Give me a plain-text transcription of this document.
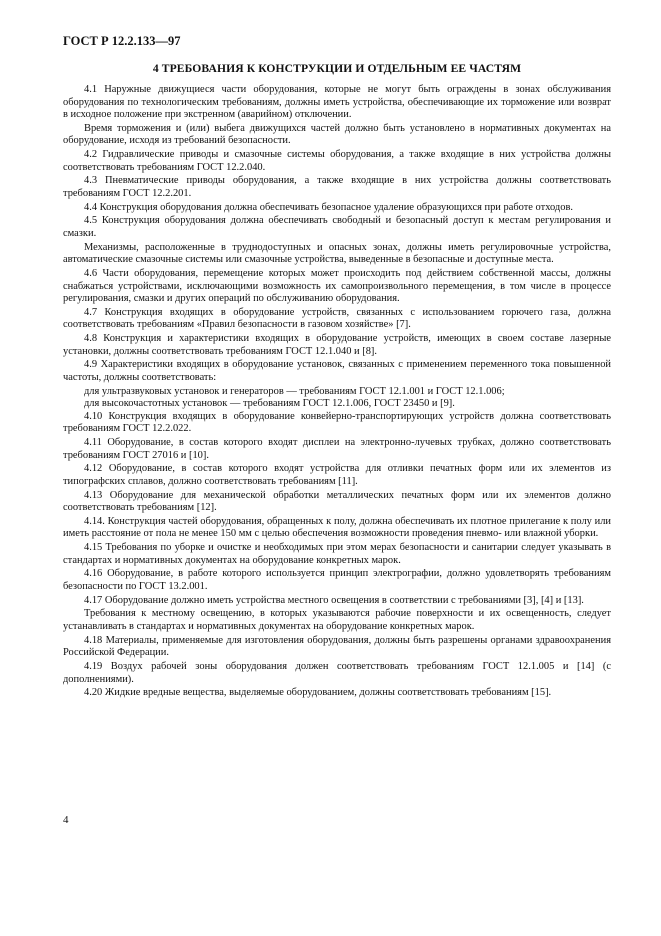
ГОСТ Р 12.2.133—97
4 ТРЕБОВАНИЯ К КОНСТРУКЦИИ И ОТДЕЛЬНЫМ ЕЕ ЧАСТЯМ

4.1 Наружные движущиеся части оборудования, которые не могут быть ограждены в зонах обслуживания оборудования по технологическим требованиям, должны иметь устройства, обеспечивающие их торможение или возврат в исходное положение при экстренном (аварийном) отключении.

Время торможения и (или) выбега движущихся частей должно быть установлено в нормативных документах на оборудование, исходя из требований безопасности.

4.2 Гидравлические приводы и смазочные системы оборудования, а также входящие в них устройства должны соответствовать требованиям ГОСТ 12.2.040.

4.3 Пневматические приводы оборудования, а также входящие в них устройства должны соответствовать требованиям ГОСТ 12.2.201.

4.4 Конструкция оборудования должна обеспечивать безопасное удаление образующихся при работе отходов.

4.5 Конструкция оборудования должна обеспечивать свободный и безопасный доступ к местам регулирования и смазки.

Механизмы, расположенные в труднодоступных и опасных зонах, должны иметь регулировочные устройства, автоматические смазочные системы или смазочные устройства, выведенные в безопасные и доступные места.

4.6 Части оборудования, перемещение которых может происходить под действием собственной массы, должны снабжаться устройствами, исключающими возможность их самопроизвольного перемещения, в том числе в процессе регулирования, смазки и других операций по обслуживанию оборудования.

4.7 Конструкция входящих в оборудование устройств, связанных с использованием горючего газа, должна соответствовать требованиям «Правил безопасности в газовом хозяйстве» [7].

4.8 Конструкция и характеристики входящих в оборудование устройств, имеющих в своем составе лазерные установки, должны соответствовать требованиям ГОСТ 12.1.040 и [8].

4.9 Характеристики входящих в оборудование установок, связанных с применением переменного тока повышенной частоты, должны соответствовать:

для ультразвуковых установок и генераторов — требованиям ГОСТ 12.1.001 и ГОСТ 12.1.006;

для высокочастотных установок — требованиям ГОСТ 12.1.006, ГОСТ 23450 и [9].

4.10 Конструкция входящих в оборудование конвейерно-транспортирующих устройств должна соответствовать требованиям ГОСТ 12.2.022.

4.11 Оборудование, в состав которого входят дисплеи на электронно-лучевых трубках, должно соответствовать требованиям ГОСТ 27016 и [10].

4.12 Оборудование, в состав которого входят устройства для отливки печатных форм или их элементов из типографских сплавов, должно соответствовать требованиям [11].

4.13 Оборудование для механической обработки металлических печатных форм или их элементов должно соответствовать требованиям [12].

4.14. Конструкция частей оборудования, обращенных к полу, должна обеспечивать их плотное прилегание к полу или иметь расстояние от пола не менее 150 мм с целью обеспечения возможности проведения пневмо- или влажной уборки.

4.15 Требования по уборке и очистке и необходимых при этом мерах безопасности и санитарии следует указывать в стандартах и нормативных документах на оборудование конкретных марок.

4.16 Оборудование, в работе которого используется принцип электрографии, должно удовлетворять требованиям безопасности по ГОСТ 13.2.001.

4.17 Оборудование должно иметь устройства местного освещения в соответствии с требованиями [3], [4] и [13].

Требования к местному освещению, в которых указываются рабочие поверхности и их освещенность, следует устанавливать в стандартах и нормативных документах на оборудование конкретных марок.

4.18 Материалы, применяемые для изготовления оборудования, должны быть разрешены органами здравоохранения Российской Федерации.

4.19 Воздух рабочей зоны оборудования должен соответствовать требованиям ГОСТ 12.1.005 и [14] (с дополнениями).

4.20 Жидкие вредные вещества, выделяемые оборудованием, должны соответствовать требованиям [15].

4
